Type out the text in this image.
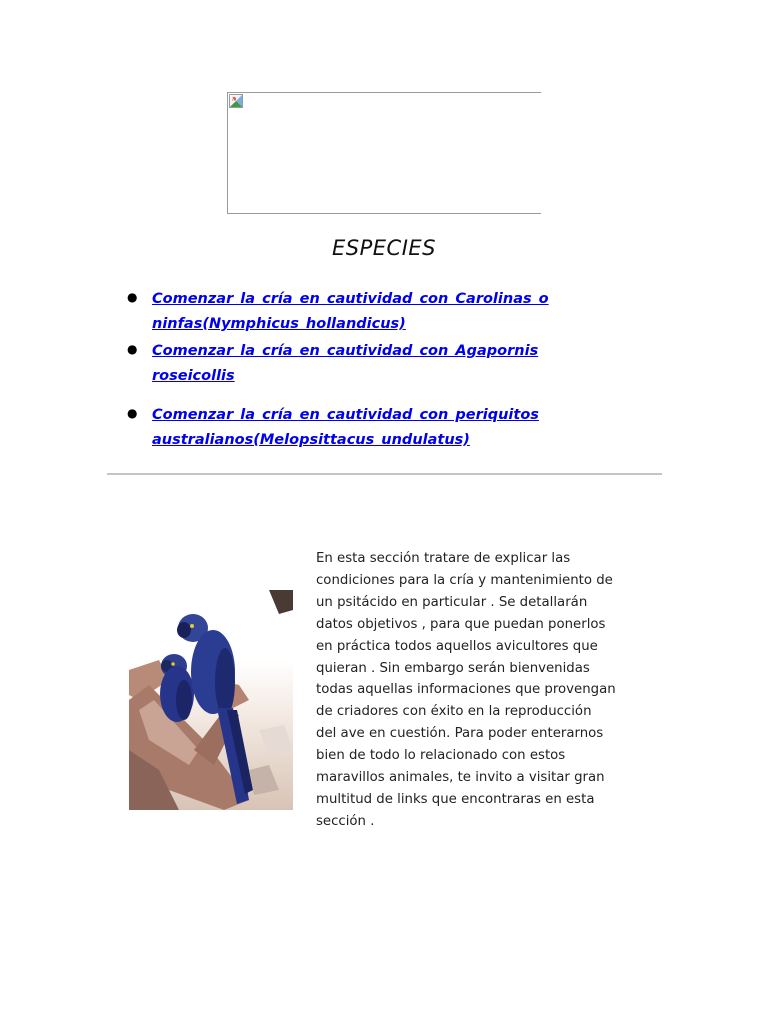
ESPECIES
● Comenzar la cría en cautividad con Carolinas o ninfas(Nymphicus hollandicus)
● Comenzar la cría en cautividad con Agapornis roseicollis
● Comenzar la cría en cautividad con periquitos australianos(Melopsittacus undulatus)

En esta sección tratare de explicar las condiciones para la cría y mantenimiento de un psitácido en particular . Se detallarán datos objetivos , para que puedan ponerlos en práctica todos aquellos avicultores que quieran . Sin embargo serán bienvenidas todas aquellas informaciones que provengan de criadores con éxito en la reproducción del ave en cuestión. Para poder enterarnos bien de todo lo relacionado con estos maravillos animales, te invito a visitar gran multitud de links que encontraras en esta sección .
